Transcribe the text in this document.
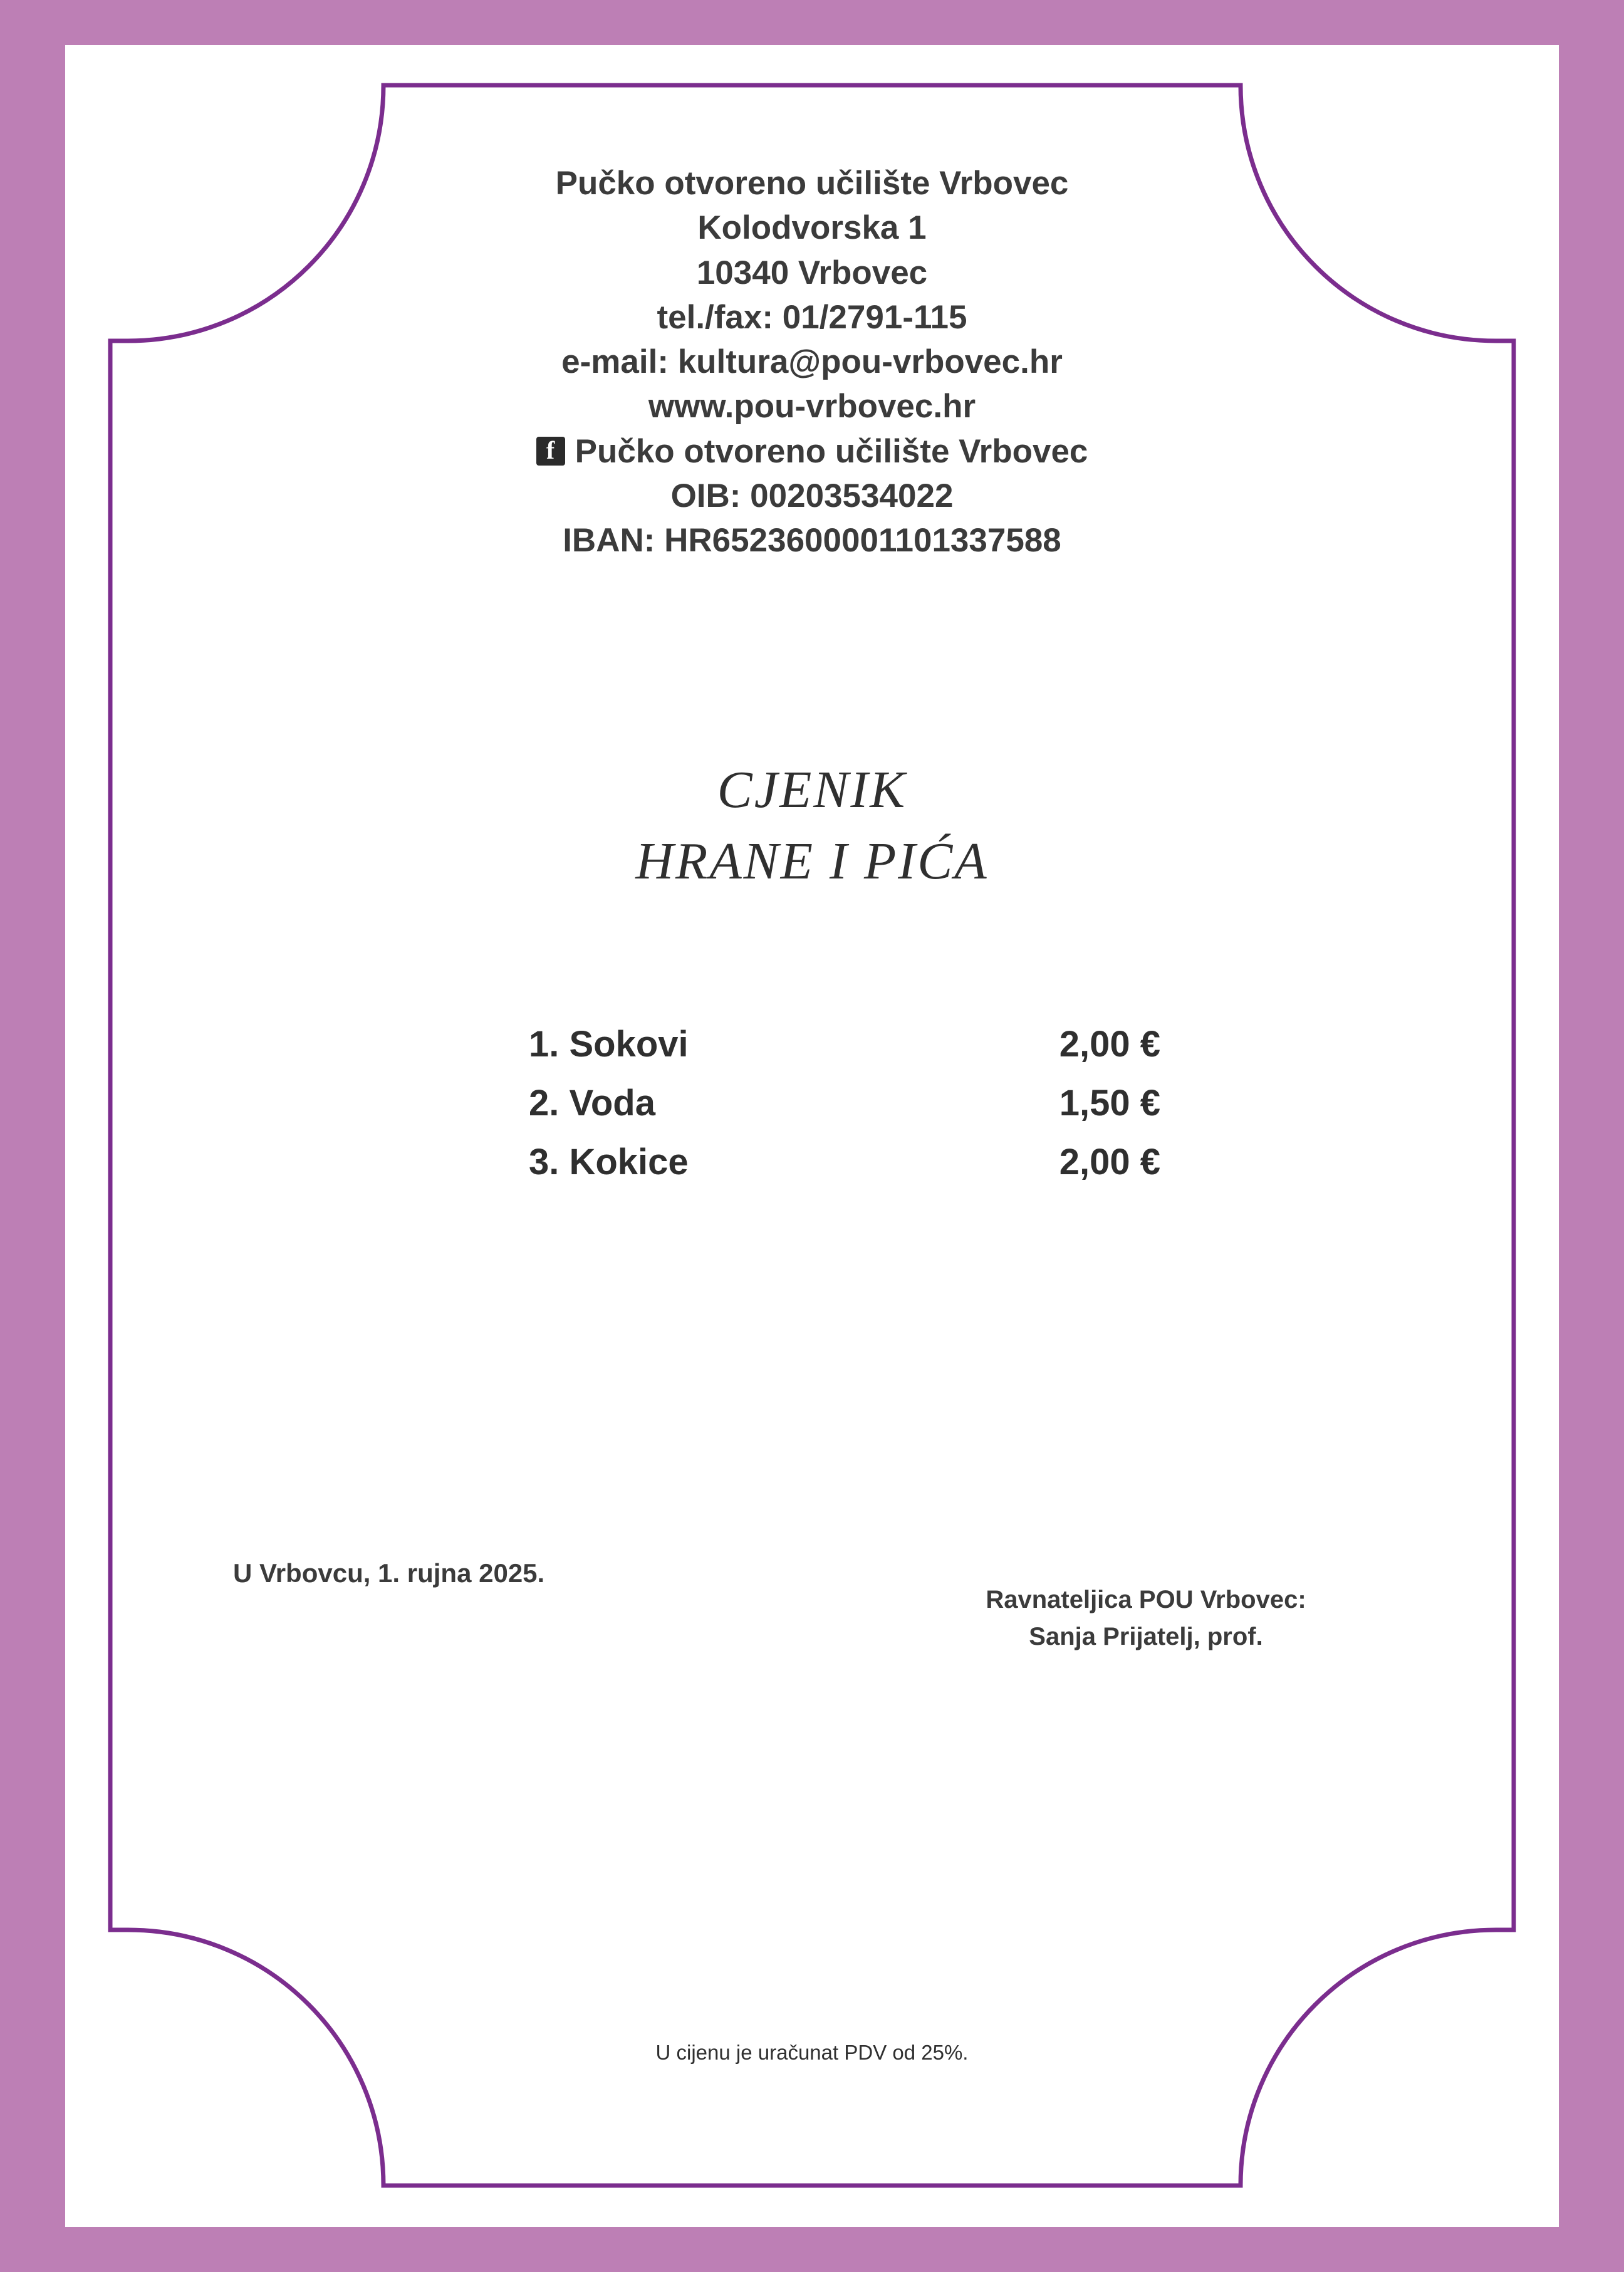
Pučko otvoreno učilište Vrbovec
Kolodvorska 1
10340 Vrbovec
tel./fax: 01/2791-115
e-mail: kultura@pou-vrbovec.hr
www.pou-vrbovec.hr
f
Pučko otvoreno učilište Vrbovec
OIB: 00203534022
IBAN: HR6523600001101337588
CJENIK
HRANE I PIĆA
1. Sokovi	2,00 €
2. Voda	1,50 €
3. Kokice	2,00 €
U Vrbovcu, 1. rujna 2025.
Ravnateljica POU Vrbovec:
Sanja Prijatelj, prof.
U cijenu je uračunat PDV od 25%.
